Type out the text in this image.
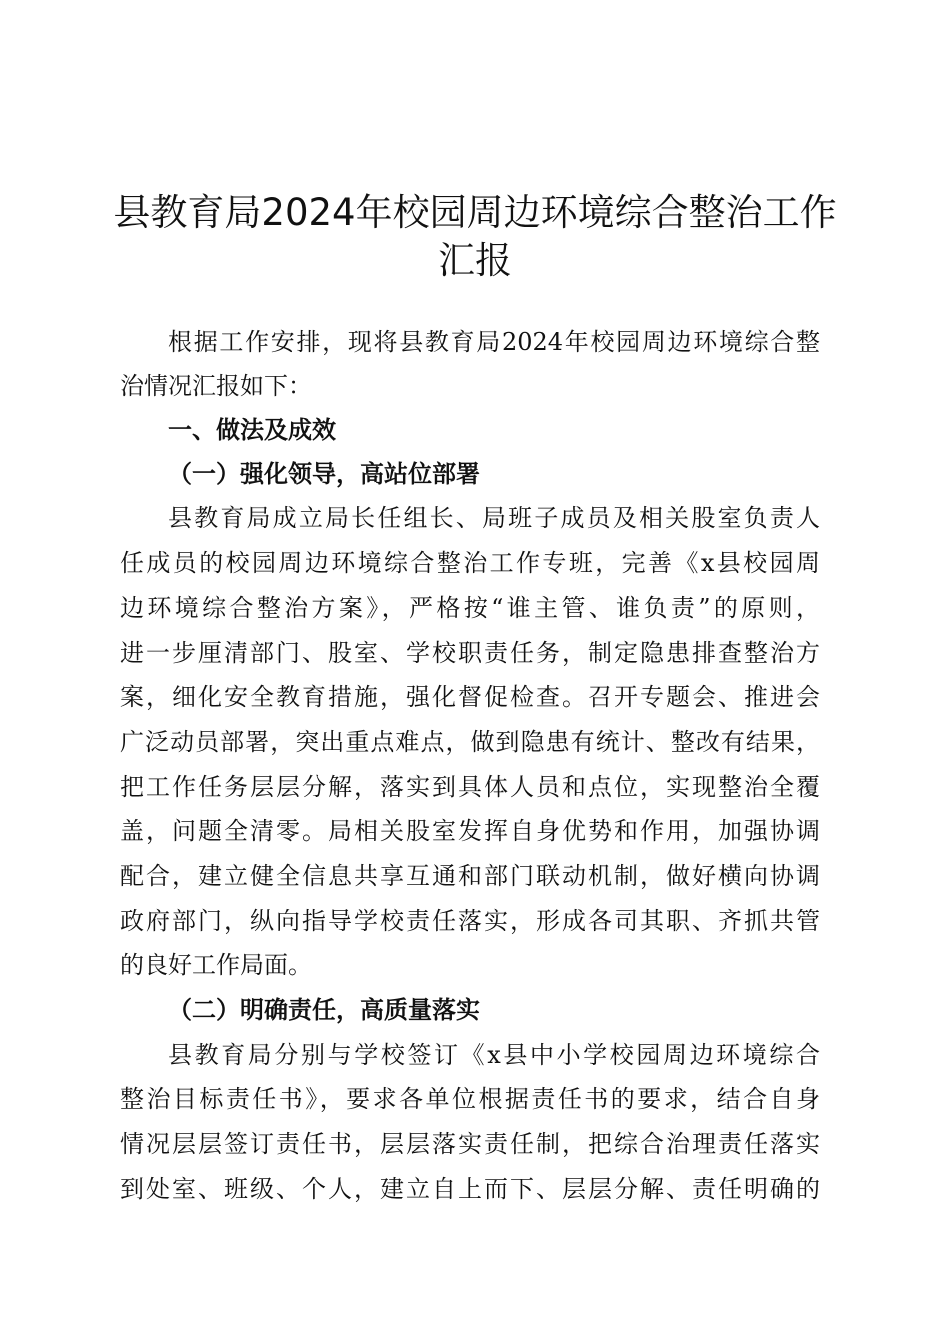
县教育局2024年校园周边环境综合整治工作
汇报

根据工作安排，现将县教育局2024年校园周边环境综合整

治情况汇报如下：

一、做法及成效

（一）强化领导，高站位部署

县教育局成立局长任组长、局班子成员及相关股室负责人

任成员的校园周边环境综合整治工作专班，完善《x县校园周

边环境综合整治方案》，严格按“谁主管、谁负责”的原则，

进一步厘清部门、股室、学校职责任务，制定隐患排查整治方

案，细化安全教育措施，强化督促检查。召开专题会、推进会

广泛动员部署，突出重点难点，做到隐患有统计、整改有结果，

把工作任务层层分解，落实到具体人员和点位，实现整治全覆

盖，问题全清零。局相关股室发挥自身优势和作用，加强协调

配合，建立健全信息共享互通和部门联动机制，做好横向协调

政府部门，纵向指导学校责任落实，形成各司其职、齐抓共管

的良好工作局面。

（二）明确责任，高质量落实

县教育局分别与学校签订《x县中小学校园周边环境综合

整治目标责任书》，要求各单位根据责任书的要求，结合自身

情况层层签订责任书，层层落实责任制，把综合治理责任落实

到处室、班级、个人，建立自上而下、层层分解、责任明确的
